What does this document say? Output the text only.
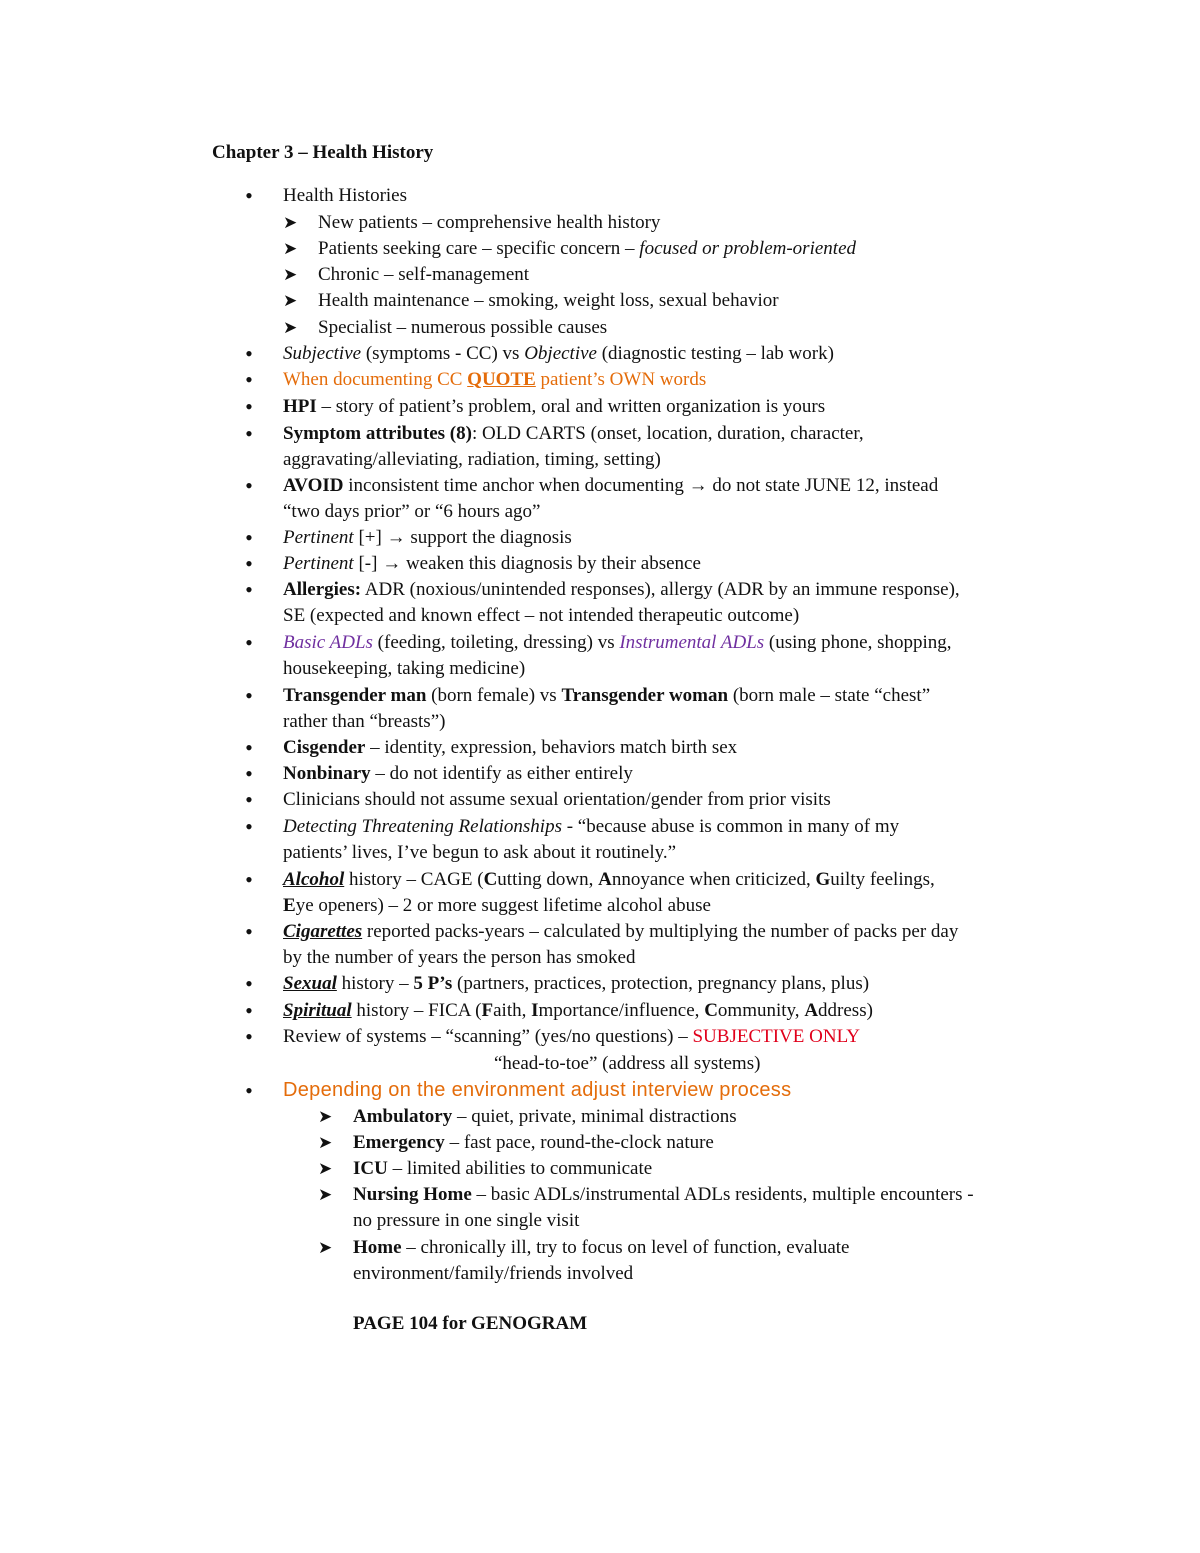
Chapter 3 – Health History
• Health Histories
➤ New patients – comprehensive health history
➤ Patients seeking care – specific concern – focused or problem-oriented
➤ Chronic – self-management
➤ Health maintenance – smoking, weight loss, sexual behavior
➤ Specialist – numerous possible causes
• Subjective (symptoms - CC) vs Objective (diagnostic testing – lab work)
• When documenting CC QUOTE patient’s OWN words
• HPI – story of patient’s problem, oral and written organization is yours
• Symptom attributes (8): OLD CARTS (onset, location, duration, character,
aggravating/alleviating, radiation, timing, setting)
• AVOID inconsistent time anchor when documenting → do not state JUNE 12, instead
“two days prior” or “6 hours ago”
• Pertinent [+] → support the diagnosis
• Pertinent [-] → weaken this diagnosis by their absence
• Allergies: ADR (noxious/unintended responses), allergy (ADR by an immune response),
SE (expected and known effect – not intended therapeutic outcome)
• Basic ADLs (feeding, toileting, dressing) vs Instrumental ADLs (using phone, shopping,
housekeeping, taking medicine)
• Transgender man (born female) vs Transgender woman (born male – state “chest”
rather than “breasts”)
• Cisgender – identity, expression, behaviors match birth sex
• Nonbinary – do not identify as either entirely
• Clinicians should not assume sexual orientation/gender from prior visits
• Detecting Threatening Relationships - “because abuse is common in many of my
patients’ lives, I’ve begun to ask about it routinely.”
• Alcohol history – CAGE (Cutting down, Annoyance when criticized, Guilty feelings,
Eye openers) – 2 or more suggest lifetime alcohol abuse
• Cigarettes reported packs-years – calculated by multiplying the number of packs per day
by the number of years the person has smoked
• Sexual history – 5 P’s (partners, practices, protection, pregnancy plans, plus)
• Spiritual history – FICA (Faith, Importance/influence, Community, Address)
• Review of systems – “scanning” (yes/no questions) – SUBJECTIVE ONLY
“head-to-toe” (address all systems)
• Depending on the environment adjust interview process
➤ Ambulatory – quiet, private, minimal distractions
➤ Emergency – fast pace, round-the-clock nature
➤ ICU – limited abilities to communicate
➤ Nursing Home – basic ADLs/instrumental ADLs residents, multiple encounters -
no pressure in one single visit
➤ Home – chronically ill, try to focus on level of function, evaluate
environment/family/friends involved
PAGE 104 for GENOGRAM
